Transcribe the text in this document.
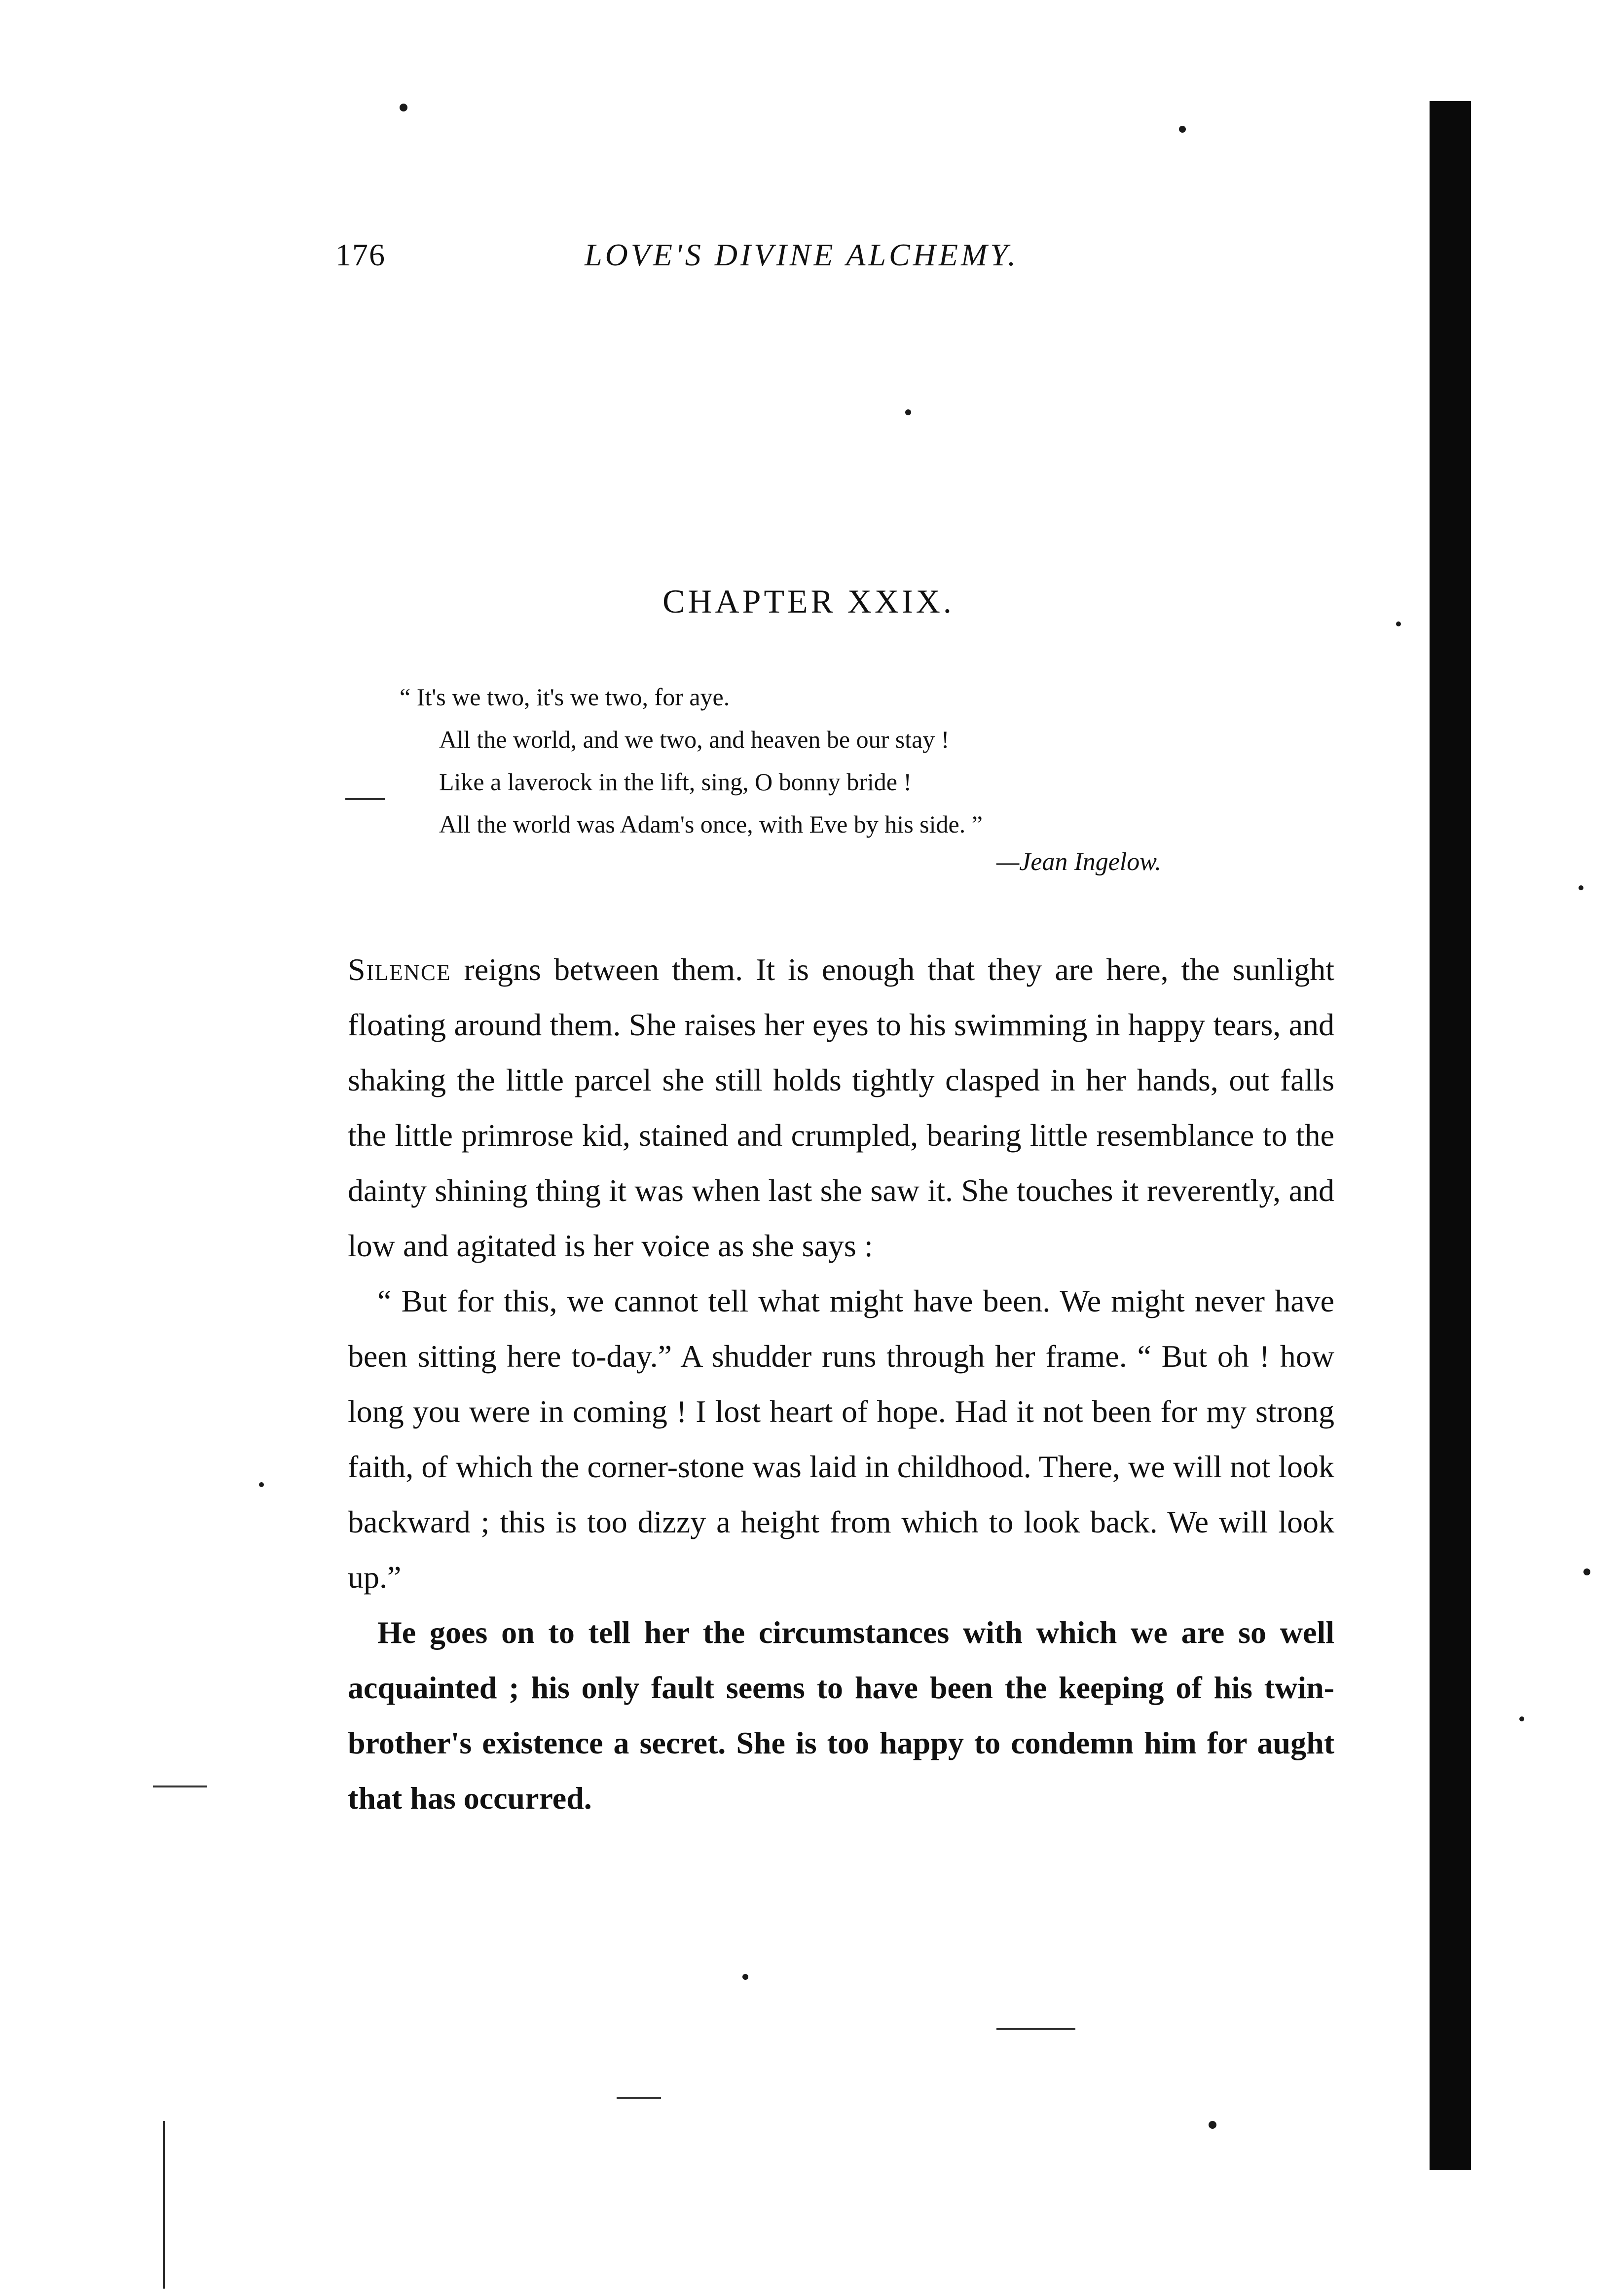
176	LOVE'S DIVINE ALCHEMY.
CHAPTER XXIX.
“ It's we two, it's we two, for aye.
All the world, and we two, and heaven be our stay !
Like a laverock in the lift, sing, O bonny bride !
All the world was Adam's once, with Eve by his side. ”
—Jean Ingelow.

Silence reigns between them. It is enough that they are here, the sunlight floating around them. She raises her eyes to his swimming in happy tears, and shaking the little parcel she still holds tightly clasped in her hands, out falls the little primrose kid, stained and crumpled, bearing little resemblance to the dainty shining thing it was when last she saw it. She touches it reverently, and low and agitated is her voice as she says :

“ But for this, we cannot tell what might have been. We might never have been sitting here to-day.” A shudder runs through her frame. “ But oh ! how long you were in coming ! I lost heart of hope. Had it not been for my strong faith, of which the corner-stone was laid in childhood. There, we will not look backward ; this is too dizzy a height from which to look back. We will look up.”

He goes on to tell her the circumstances with which we are so well acquainted ; his only fault seems to have been the keeping of his twin-brother's existence a secret. She is too happy to condemn him for aught that has occurred.
